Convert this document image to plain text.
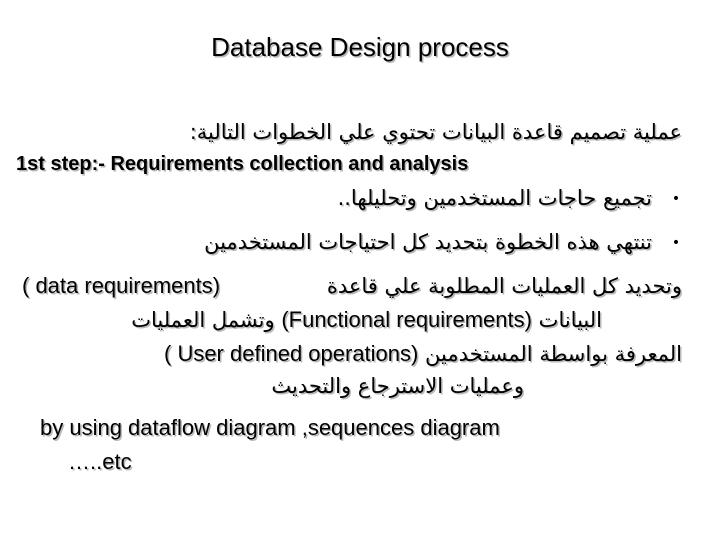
Database Design process
عملية تصميم قاعدة البيانات تحتوي علي الخطوات التالية:
1st step:- Requirements collection and analysis
•تجميع حاجات المستخدمين وتحليلها..
•تنتهي هذه الخطوة بتحديد كل احتياجات المستخدمين
( data requirements)	وتحديد كل العمليات المطلوبة علي قاعدة
البيانات (Functional requirements) وتشمل العمليات
المعرفة بواسطة المستخدمين ( User defined operations)
وعمليات الاسترجاع والتحديث
by using dataflow diagram ,sequences diagram
…..etc
